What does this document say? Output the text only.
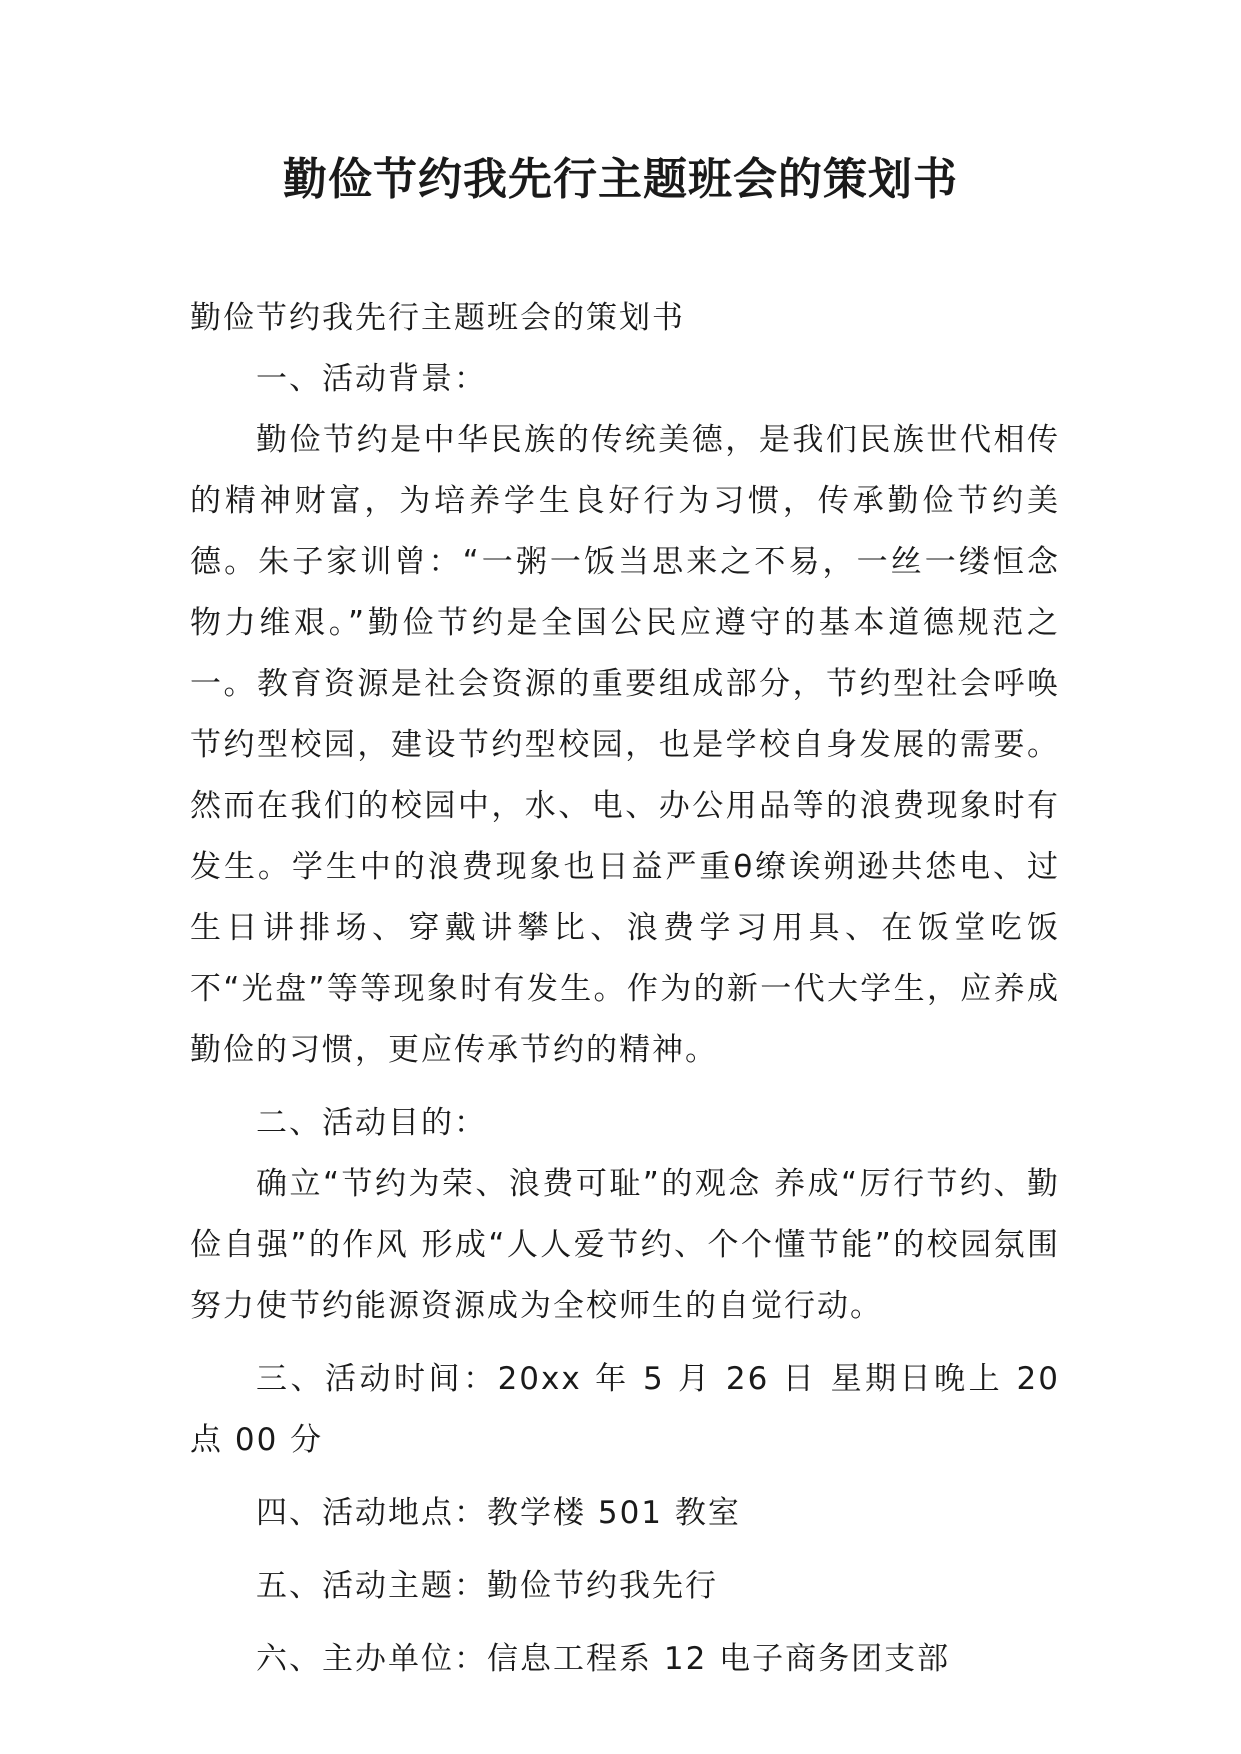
勤俭节约我先行主题班会的策划书

勤俭节约我先行主题班会的策划书

一、活动背景：

勤俭节约是中华民族的传统美德，是我们民族世代相传的精神财富，为培养学生良好行为习惯，传承勤俭节约美德。朱子家训曾：“一粥一饭当思来之不易，一丝一缕恒念物力维艰。”勤俭节约是全国公民应遵守的基本道德规范之一。教育资源是社会资源的重要组成部分，节约型社会呼唤节约型校园，建设节约型校园，也是学校自身发展的需要。然而在我们的校园中，水、电、办公用品等的浪费现象时有发生。学生中的浪费现象也日益严重θ缭诶朔逊共恷电、过生日讲排场、穿戴讲攀比、浪费学习用具、在饭堂吃饭不“光盘”等等现象时有发生。作为的新一代大学生，应养成勤俭的习惯，更应传承节约的精神。

二、活动目的：

确立“节约为荣、浪费可耻”的观念 养成“厉行节约、勤俭自强”的作风 形成“人人爱节约、个个懂节能”的校园氛围 努力使节约能源资源成为全校师生的自觉行动。

三、活动时间：20xx 年 5 月 26 日 星期日晚上 20 点 00 分

四、活动地点：教学楼 501 教室

五、活动主题：勤俭节约我先行

六、主办单位：信息工程系 12 电子商务团支部
